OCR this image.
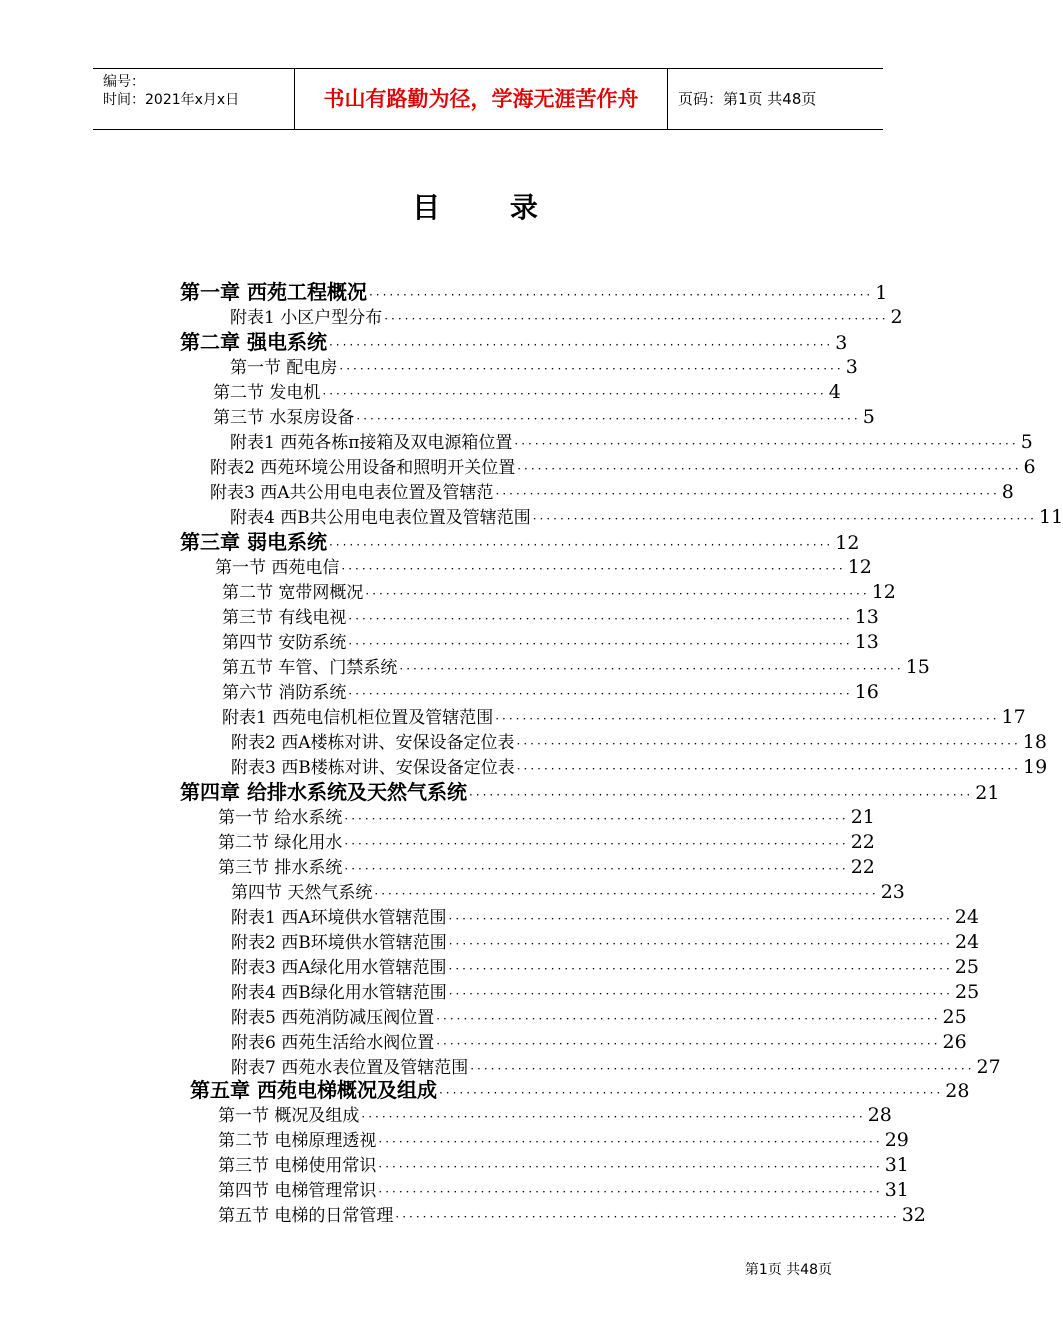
编号：
时间：2021年x月x日	书山有路勤为径，学海无涯苦作舟	页码：第1页 共48页
目 录
第一章 西苑工程概况 ·········································································· 1
附表1 小区户型分布 ·········································································· 2
第二章 强电系统 ·········································································· 3
第一节 配电房 ·········································································· 3
第二节 发电机 ·········································································· 4
第三节 水泵房设备 ·········································································· 5
附表1 西苑各栋π接箱及双电源箱位置 ·········································································· 5
附表2 西苑环境公用设备和照明开关位置 ·········································································· 6
附表3 西A共公用电电表位置及管辖范 ·········································································· 8
附表4 西B共公用电电表位置及管辖范围 ·········································································· 11
第三章 弱电系统 ·········································································· 12
第一节 西苑电信 ·········································································· 12
第二节 宽带网概况 ·········································································· 12
第三节 有线电视 ·········································································· 13
第四节 安防系统 ·········································································· 13
第五节 车管、门禁系统 ·········································································· 15
第六节 消防系统 ·········································································· 16
附表1 西苑电信机柜位置及管辖范围 ·········································································· 17
附表2 西A楼栋对讲、安保设备定位表 ·········································································· 18
附表3 西B楼栋对讲、安保设备定位表 ·········································································· 19
第四章 给排水系统及天然气系统 ·········································································· 21
第一节 给水系统 ·········································································· 21
第二节 绿化用水 ·········································································· 22
第三节 排水系统 ·········································································· 22
第四节 天然气系统 ·········································································· 23
附表1 西A环境供水管辖范围 ·········································································· 24
附表2 西B环境供水管辖范围 ·········································································· 24
附表3 西A绿化用水管辖范围 ·········································································· 25
附表4 西B绿化用水管辖范围 ·········································································· 25
附表5 西苑消防减压阀位置 ·········································································· 25
附表6 西苑生活给水阀位置 ·········································································· 26
附表7 西苑水表位置及管辖范围 ·········································································· 27
第五章 西苑电梯概况及组成 ·········································································· 28
第一节 概况及组成 ·········································································· 28
第二节 电梯原理透视 ·········································································· 29
第三节 电梯使用常识 ·········································································· 31
第四节 电梯管理常识 ·········································································· 31
第五节 电梯的日常管理 ·········································································· 32
第1页 共48页
